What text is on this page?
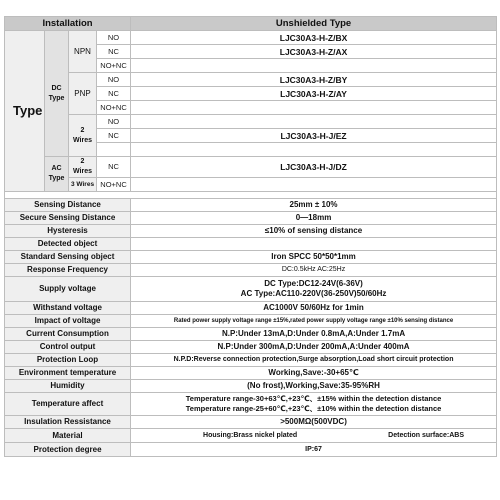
Installation				Unshielded Type
Type	DC Type	NPN	NO	LJC30A3-H-Z/BX
			NC	LJC30A3-H-Z/AX
			NO+NC	
		PNP	NO	LJC30A3-H-Z/BY
			NC	LJC30A3-H-Z/AY
			NO+NC	
		2 Wires	NO	
			NC	LJC30A3-H-J/EZ

	AC Type	2 Wires	NC	LJC30A3-H-J/DZ
		3 Wires	NO+NC	

Sensing Distance				25mm ± 10%
Secure Sensing Distance				0—18mm
Hysteresis				≤10% of sensing distance
Detected object				
Standard Sensing object				Iron SPCC 50*50*1mm
Response Frequency				DC:0.5kHz AC:25Hz
Supply voltage				DC Type:DC12-24V(6-36V)
AC Type:AC110-220V(36-250V)50/60Hz

Withstand voltage				AC1000V 50/60Hz for 1min
Impact of voltage				Rated power supply voltage range ±15%,rated power supply voltage range ±10% sensing distance
Current Consumption				N.P:Under 13mA,D:Under 0.8mA,A:Under 1.7mA
Control output				N.P:Under 300mA,D:Under 200mA,A:Under 400mA
Protection Loop				N.P.D:Reverse connection protection,Surge absorption,Load short circuit protection
Environment temperature				Working,Save:-30+65℃
Humidity				(No frost),Working,Save:35-95%RH
Temperature affect				Temperature range-30+63℃,+23℃、±15% within the detection distance
Temperature range-25+60℃,+23℃、±10% within the detection distance

Insulation Ressistance				>500MΩ(500VDC)
Material				Housing:Brass nickel plated Detection surface:ABS

Protection degree				IP:67
